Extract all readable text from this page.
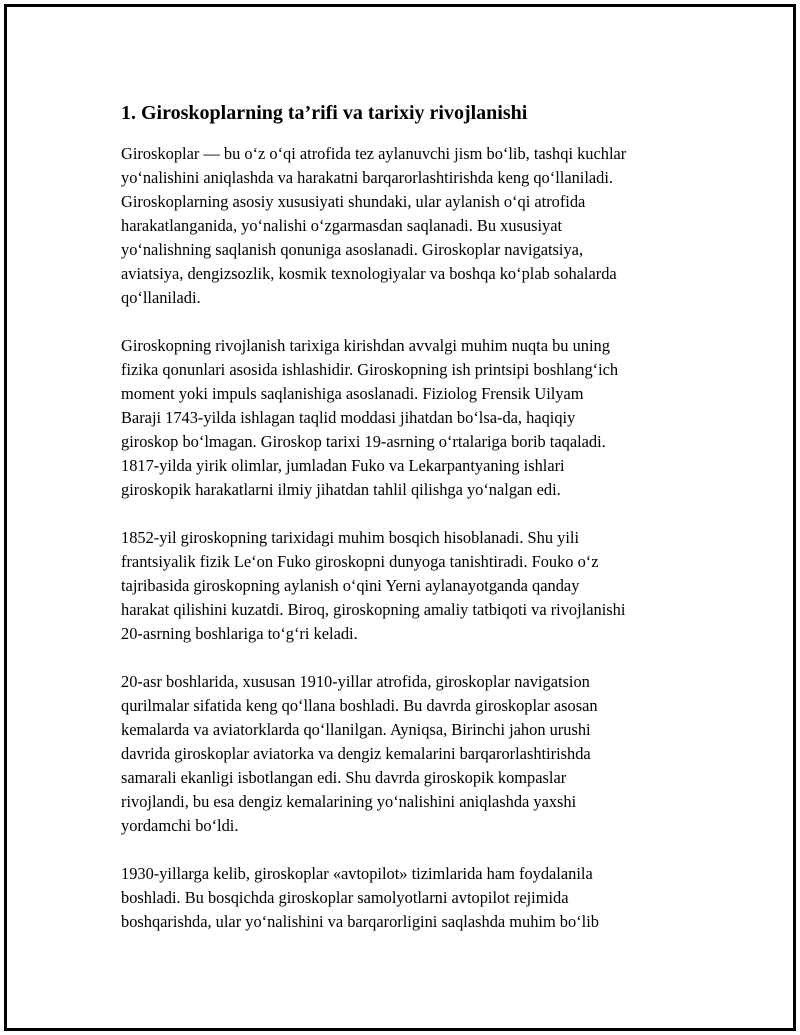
1. Giroskoplarning ta’rifi va tarixiy rivojlanishi
Giroskoplar — bu o‘z o‘qi atrofida tez aylanuvchi jism bo‘lib, tashqi kuchlar
yo‘nalishini aniqlashda va harakatni barqarorlashtirishda keng qo‘llaniladi.
Giroskoplarning asosiy xususiyati shundaki, ular aylanish o‘qi atrofida
harakatlanganida, yo‘nalishi o‘zgarmasdan saqlanadi. Bu xususiyat
yo‘nalishning saqlanish qonuniga asoslanadi. Giroskoplar navigatsiya,
aviatsiya, dengizsozlik, kosmik texnologiyalar va boshqa ko‘plab sohalarda
qo‘llaniladi.
Giroskopning rivojlanish tarixiga kirishdan avvalgi muhim nuqta bu uning
fizika qonunlari asosida ishlashidir. Giroskopning ish printsipi boshlang‘ich
moment yoki impuls saqlanishiga asoslanadi. Fiziolog Frensik Uilyam
Baraji 1743-yilda ishlagan taqlid moddasi jihatdan bo‘lsa-da, haqiqiy
giroskop bo‘lmagan. Giroskop tarixi 19-asrning o‘rtalariga borib taqaladi.
1817-yilda yirik olimlar, jumladan Fuko va Lekarpantyaning ishlari
giroskopik harakatlarni ilmiy jihatdan tahlil qilishga yo‘nalgan edi.
1852-yil giroskopning tarixidagi muhim bosqich hisoblanadi. Shu yili
frantsiyalik fizik Le‘on Fuko giroskopni dunyoga tanishtiradi. Fouko o‘z
tajribasida giroskopning aylanish o‘qini Yerni aylanayotganda qanday
harakat qilishini kuzatdi. Biroq, giroskopning amaliy tatbiqoti va rivojlanishi
20-asrning boshlariga to‘g‘ri keladi.
20-asr boshlarida, xususan 1910-yillar atrofida, giroskoplar navigatsion
qurilmalar sifatida keng qo‘llana boshladi. Bu davrda giroskoplar asosan
kemalarda va aviatorklarda qo‘llanilgan. Ayniqsa, Birinchi jahon urushi
davrida giroskoplar aviatorka va dengiz kemalarini barqarorlashtirishda
samarali ekanligi isbotlangan edi. Shu davrda giroskopik kompaslar
rivojlandi, bu esa dengiz kemalarining yo‘nalishini aniqlashda yaxshi
yordamchi bo‘ldi.
1930-yillarga kelib, giroskoplar «avtopilot» tizimlarida ham foydalanila
boshladi. Bu bosqichda giroskoplar samolyotlarni avtopilot rejimida
boshqarishda, ular yo‘nalishini va barqarorligini saqlashda muhim bo‘lib
